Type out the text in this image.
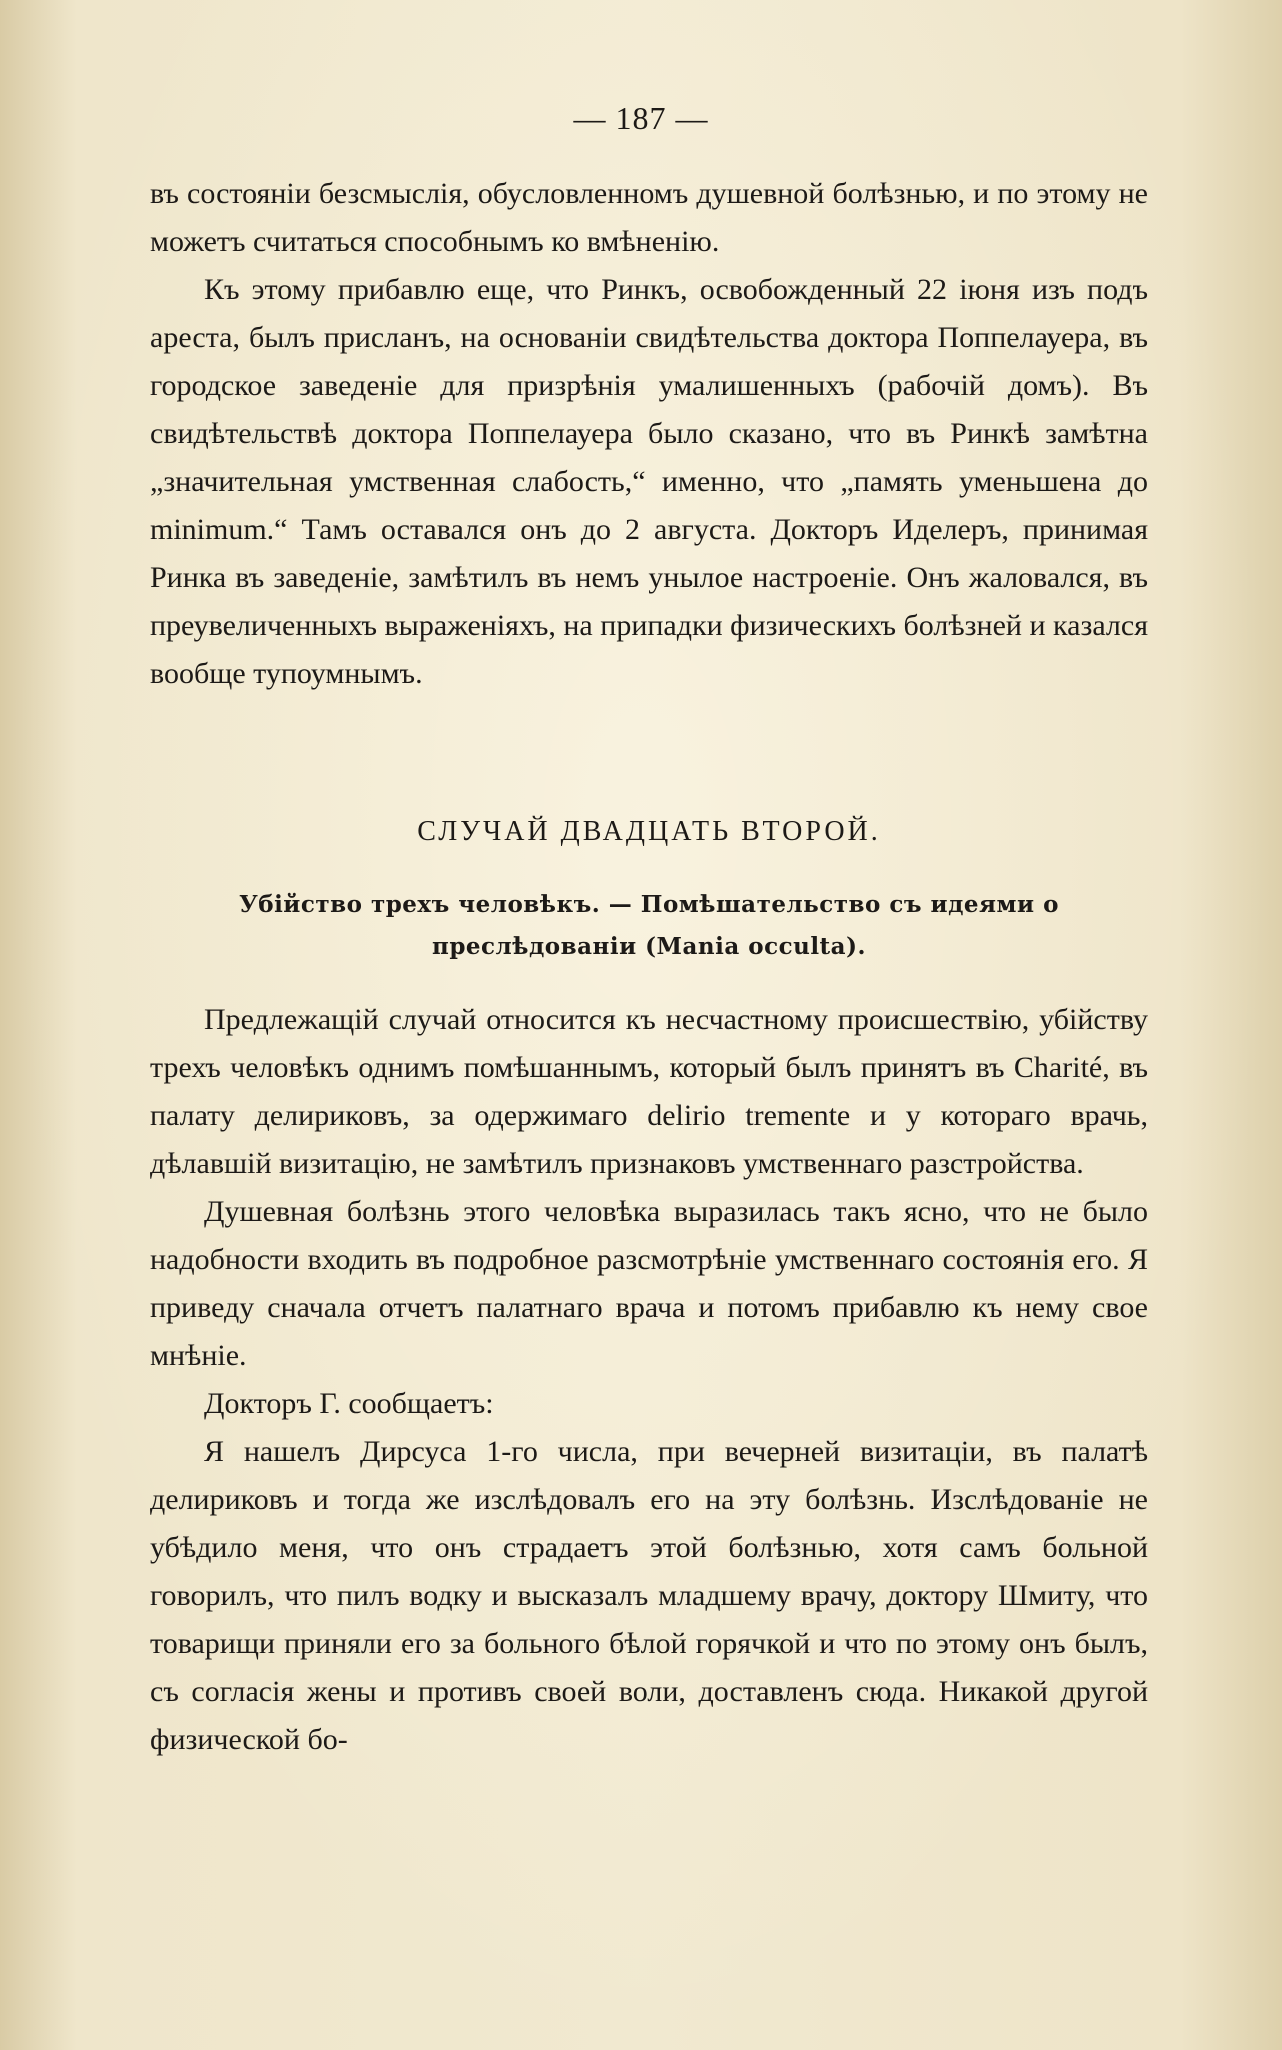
— 187 —

въ состояніи безсмыслія, обусловленномъ душевной болѣзнью, и по этому не можетъ считаться способнымъ ко вмѣненію.

Къ этому прибавлю еще, что Ринкъ, освобожденный 22 іюня изъ подъ ареста, былъ присланъ, на основаніи свидѣтельства доктора Поппелауера, въ городское заведеніе для призрѣнія умалишенныхъ (рабочій домъ). Въ свидѣтельствѣ доктора Поппелауера было сказано, что въ Ринкѣ замѣтна „значительная умственная слабость,“ именно, что „память уменьшена до minimum.“ Тамъ оставался онъ до 2 августа. Докторъ Иделеръ, принимая Ринка въ заведеніе, замѣтилъ въ немъ унылое настроеніе. Онъ жаловался, въ преувеличенныхъ выраженіяхъ, на припадки физическихъ болѣзней и казался вообще тупоумнымъ.

СЛУЧАЙ ДВАДЦАТЬ ВТОРОЙ.
Убійство трехъ человѣкъ. — Помѣшательство съ идеями о преслѣдованіи (Mania occulta).

Предлежащій случай относится къ несчастному происшествію, убійству трехъ человѣкъ однимъ помѣшаннымъ, который былъ принятъ въ Charité, въ палату делириковъ, за одержимаго delirio tremente и у котораго врачь, дѣлавшій визитацію, не замѣтилъ признаковъ умственнаго разстройства.

Душевная болѣзнь этого человѣка выразилась такъ ясно, что не было надобности входить въ подробное разсмотрѣніе умственнаго состоянія его. Я приведу сначала отчетъ палатнаго врача и потомъ прибавлю къ нему свое мнѣніе.

Докторъ Г. сообщаетъ:

Я нашелъ Дирсуса 1-го числа, при вечерней визитаціи, въ палатѣ делириковъ и тогда же изслѣдовалъ его на эту болѣзнь. Изслѣдованіе не убѣдило меня, что онъ страдаетъ этой болѣзнью, хотя самъ больной говорилъ, что пилъ водку и высказалъ младшему врачу, доктору Шмиту, что товарищи приняли его за больного бѣлой горячкой и что по этому онъ былъ, съ согласія жены и противъ своей воли, доставленъ сюда. Никакой другой физической бо-
